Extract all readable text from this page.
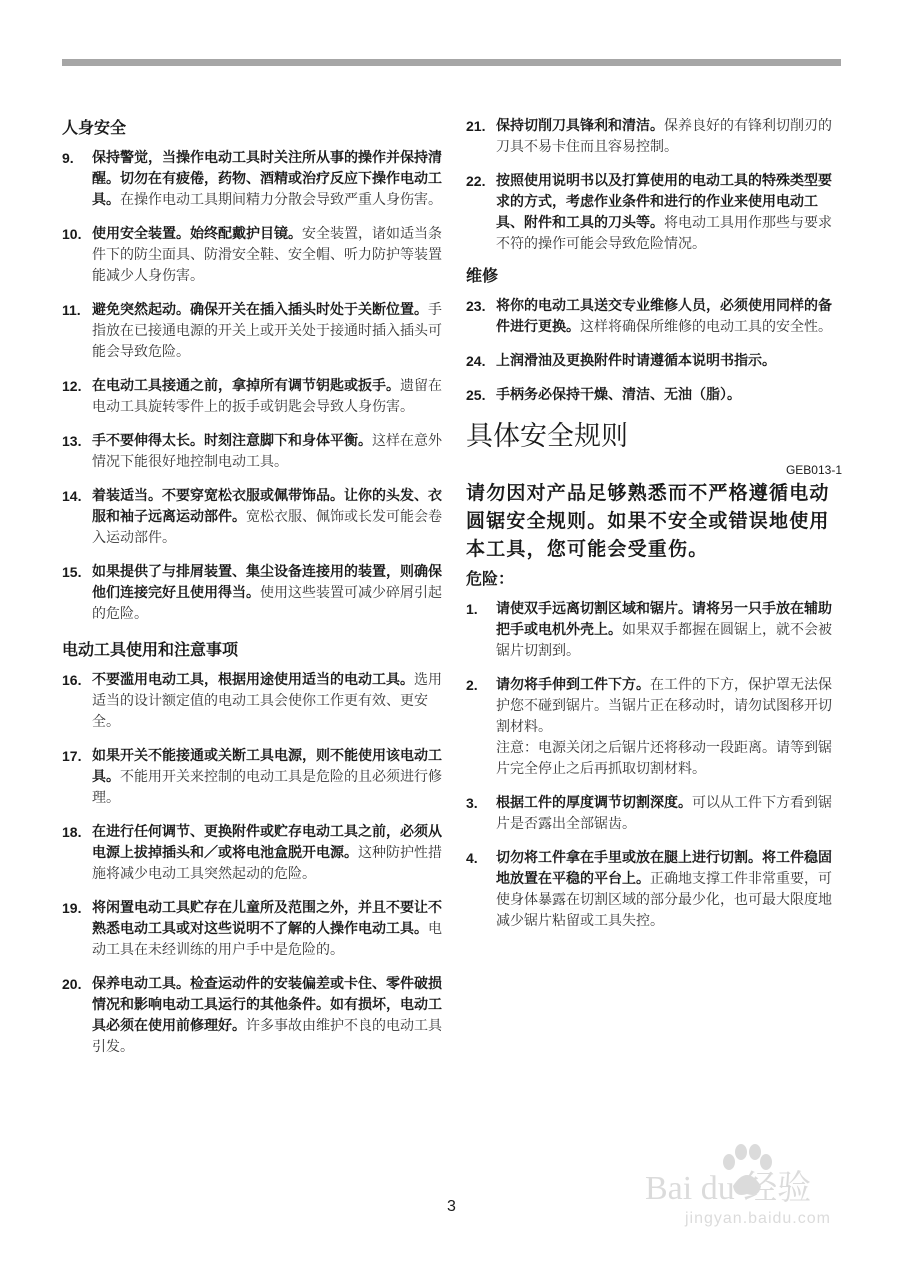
人身安全
9. 保持警觉，当操作电动工具时关注所从事的操作并保持清醒。切勿在有疲倦，药物、酒精或治疗反应下操作电动工具。在操作电动工具期间精力分散会导致严重人身伤害。
10. 使用安全装置。始终配戴护目镜。安全装置，诸如适当条件下的防尘面具、防滑安全鞋、安全帽、听力防护等装置能减少人身伤害。
11. 避免突然起动。确保开关在插入插头时处于关断位置。手指放在已接通电源的开关上或开关处于接通时插入插头可能会导致危险。
12. 在电动工具接通之前，拿掉所有调节钥匙或扳手。遗留在电动工具旋转零件上的扳手或钥匙会导致人身伤害。
13. 手不要伸得太长。时刻注意脚下和身体平衡。这样在意外情况下能很好地控制电动工具。
14. 着装适当。不要穿宽松衣服或佩带饰品。让你的头发、衣服和袖子远离运动部件。宽松衣服、佩饰或长发可能会卷入运动部件。
15. 如果提供了与排屑装置、集尘设备连接用的装置，则确保他们连接完好且使用得当。使用这些装置可减少碎屑引起的危险。
电动工具使用和注意事项
16. 不要滥用电动工具，根据用途使用适当的电动工具。选用适当的设计额定值的电动工具会使你工作更有效、更安全。
17. 如果开关不能接通或关断工具电源，则不能使用该电动工具。不能用开关来控制的电动工具是危险的且必须进行修理。
18. 在进行任何调节、更换附件或贮存电动工具之前，必须从电源上拔掉插头和／或将电池盒脱开电源。这种防护性措施将减少电动工具突然起动的危险。
19. 将闲置电动工具贮存在儿童所及范围之外，并且不要让不熟悉电动工具或对这些说明不了解的人操作电动工具。电动工具在未经训练的用户手中是危险的。
20. 保养电动工具。检查运动件的安装偏差或卡住、零件破损情况和影响电动工具运行的其他条件。如有损坏，电动工具必须在使用前修理好。许多事故由维护不良的电动工具引发。
21. 保持切削刀具锋利和清洁。保养良好的有锋利切削刃的刀具不易卡住而且容易控制。
22. 按照使用说明书以及打算使用的电动工具的特殊类型要求的方式，考虑作业条件和进行的作业来使用电动工具、附件和工具的刀头等。将电动工具用作那些与要求不符的操作可能会导致危险情况。
维修
23. 将你的电动工具送交专业维修人员，必须使用同样的备件进行更换。这样将确保所维修的电动工具的安全性。
24. 上润滑油及更换附件时请遵循本说明书指示。
25. 手柄务必保持干燥、清洁、无油（脂）。
具体安全规则
GEB013-1
请勿因对产品足够熟悉而不严格遵循电动圆锯安全规则。如果不安全或错误地使用本工具，您可能会受重伤。
危险：
1. 请使双手远离切割区域和锯片。请将另一只手放在辅助把手或电机外壳上。如果双手都握在圆锯上，就不会被锯片切割到。
2. 请勿将手伸到工件下方。在工件的下方，保护罩无法保护您不碰到锯片。当锯片正在移动时，请勿试图移开切割材料。
注意：电源关闭之后锯片还将移动一段距离。请等到锯片完全停止之后再抓取切割材料。
3. 根据工件的厚度调节切割深度。可以从工件下方看到锯片是否露出全部锯齿。
4. 切勿将工件拿在手里或放在腿上进行切割。将工件稳固地放置在平稳的平台上。正确地支撑工件非常重要，可使身体暴露在切割区域的部分最少化，也可最大限度地减少锯片粘留或工具失控。
3	Bai du 经验
jingyan.baidu.com
